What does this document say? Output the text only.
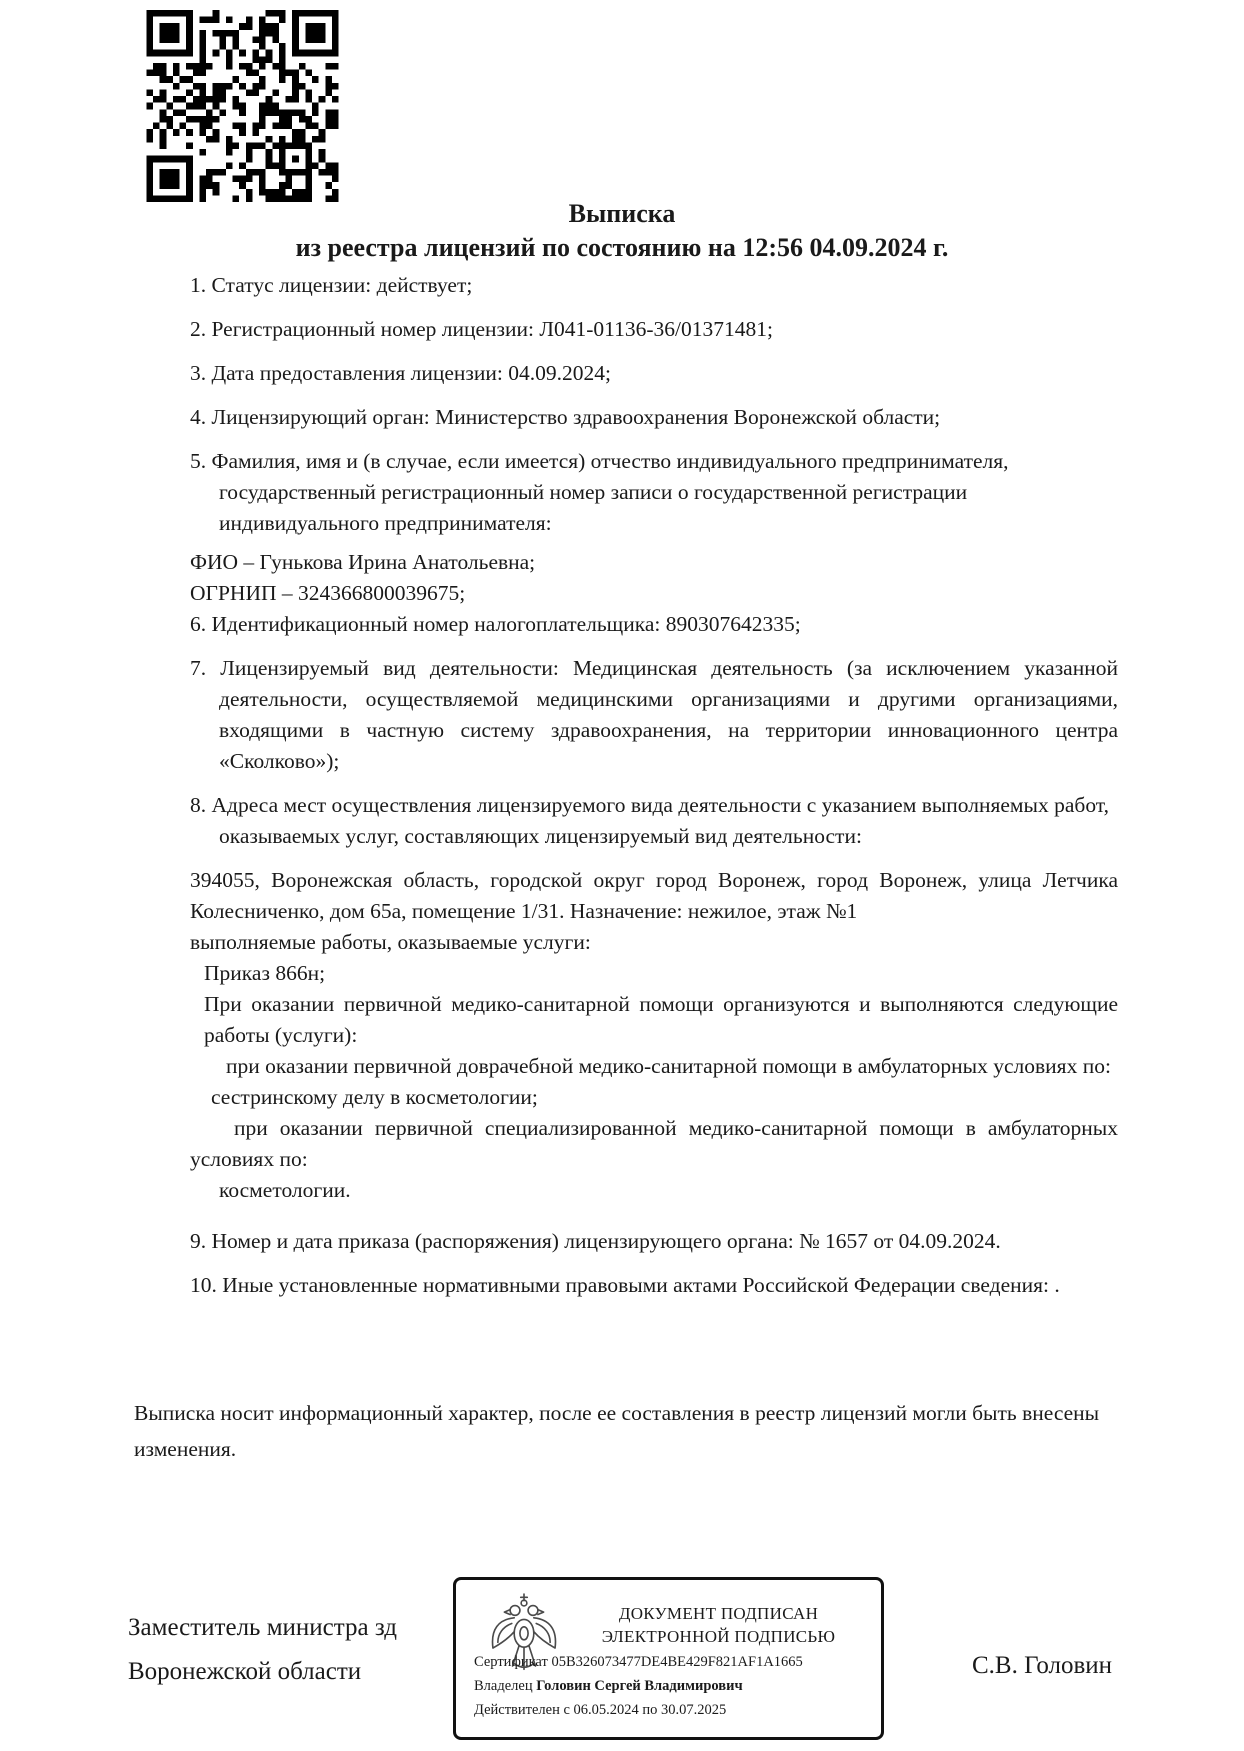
Выписка
из реестра лицензий по состоянию на 12:56 04.09.2024 г.
1. Статус лицензии: действует;
2. Регистрационный номер лицензии: Л041-01136-36/01371481;
3. Дата предоставления лицензии: 04.09.2024;
4. Лицензирующий орган: Министерство здравоохранения Воронежской области;
5. Фамилия, имя и (в случае, если имеется) отчество индивидуального предпринимателя, государственный регистрационный номер записи о государственной регистрации индивидуального предпринимателя:
ФИО – Гунькова Ирина Анатольевна;
ОГРНИП – 324366800039675;
6. Идентификационный номер налогоплательщика: 890307642335;
7. Лицензируемый вид деятельности: Медицинская деятельность (за исключением указанной деятельности, осуществляемой медицинскими организациями и другими организациями, входящими в частную систему здравоохранения, на территории инновационного центра «Сколково»);
8. Адреса мест осуществления лицензируемого вида деятельности с указанием выполняемых работ, оказываемых услуг, составляющих лицензируемый вид деятельности:
394055, Воронежская область, городской округ город Воронеж, город Воронеж, улица Летчика Колесниченко, дом 65а, помещение 1/31. Назначение: нежилое, этаж №1
выполняемые работы, оказываемые услуги:
Приказ 866н;
При оказании первичной медико-санитарной помощи организуются и выполняются следующие работы (услуги):
при оказании первичной доврачебной медико-санитарной помощи в амбулаторных условиях по:
сестринскому делу в косметологии;
при оказании первичной специализированной медико-санитарной помощи в амбулаторных условиях по:
косметологии.
9. Номер и дата приказа (распоряжения) лицензирующего органа: № 1657 от 04.09.2024.
10. Иные установленные нормативными правовыми актами Российской Федерации сведения: .
Выписка носит информационный характер, после ее составления в реестр лицензий могли быть внесены изменения.
Заместитель министра зд
Воронежской области	С.В. Головин
ДОКУМЕНТ ПОДПИСАН
ЭЛЕКТРОННОЙ ПОДПИСЬЮ
Сертификат 05B326073477DE4BE429F821AF1A1665
Владелец Головин Сергей Владимирович
Действителен с 06.05.2024 по 30.07.2025
